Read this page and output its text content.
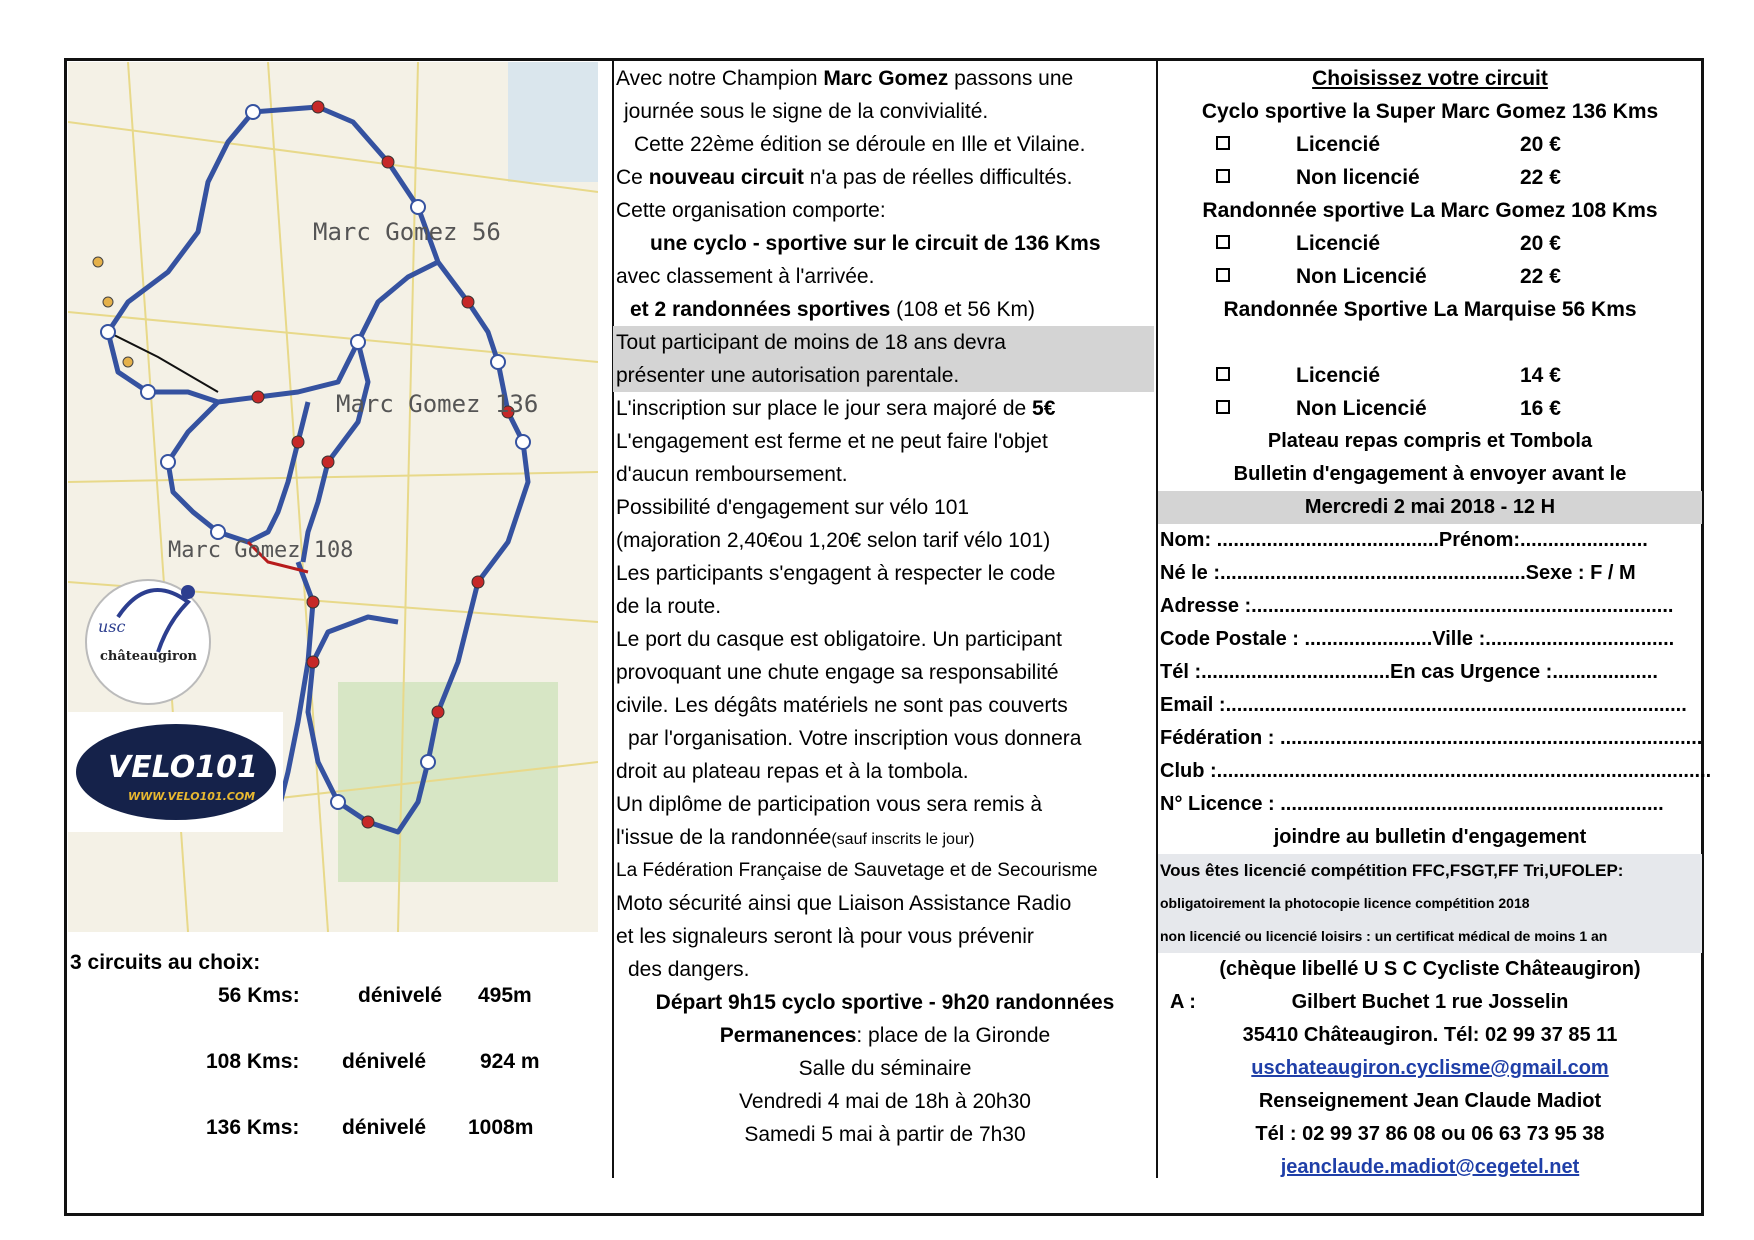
Marc Gomez 56
Marc Gomez 136
Marc Gomez 108
usc
châteaugiron
VELO101
WWW.VELO101.COM
3 circuits au choix:
56 Kms:	dénivelé 495m
108 Kms: dénivelé	924 m
136 Kms: dénivelé 1008m
Avec notre Champion Marc Gomez passons une
journée sous le signe de la convivialité.
Cette 22ème édition se déroule en Ille et Vilaine.
Ce nouveau circuit n'a pas de réelles difficultés.
Cette organisation comporte:
une cyclo - sportive sur le circuit de 136 Kms
avec classement à l'arrivée.
et 2 randonnées sportives (108 et 56 Km)
Tout participant de moins de 18 ans devra
présenter une autorisation parentale.
L'inscription sur place le jour sera majoré de 5€
L'engagement est ferme et ne peut faire l'objet
d'aucun remboursement.
Possibilité d'engagement sur vélo 101
(majoration 2,40€ou 1,20€ selon tarif vélo 101)
Les participants s'engagent à respecter le code
de la route.
Le port du casque est obligatoire. Un participant
provoquant une chute engage sa responsabilité
civile. Les dégâts matériels ne sont pas couverts
par l'organisation. Votre inscription vous donnera
droit au plateau repas et à la tombola.
Un diplôme de participation vous sera remis à
l'issue de la randonnée(sauf inscrits le jour)
La Fédération Française de Sauvetage et de Secourisme
Moto sécurité ainsi que Liaison Assistance Radio
et les signaleurs seront là pour vous prévenir
des dangers.
Départ 9h15 cyclo sportive - 9h20 randonnées
Permanences: place de la Gironde
Salle du séminaire
Vendredi 4 mai de 18h à 20h30
Samedi 5 mai à partir de 7h30
Choisissez votre circuit
Cyclo sportive la Super Marc Gomez 136 Kms
Licencié	20 €
Non licencié	22 €
Randonnée sportive La Marc Gomez 108 Kms
Licencié	20 €
Non Licencié	22 €
Randonnée Sportive La Marquise 56 Kms
Licencié	14 €
Non Licencié	16 €
Plateau repas compris et Tombola
Bulletin d'engagement à envoyer avant le
Mercredi 2 mai 2018 - 12 H
Nom: ........................................Prénom:.......................
Né le :.......................................................Sexe : F / M
Adresse :............................................................................
Code Postale : .......................Ville :..................................
Tél :..................................En cas Urgence :...................
Email :...................................................................................
Fédération : ............................................................................
Club :.........................................................................................
N° Licence : .....................................................................
joindre au bulletin d'engagement
Vous êtes licencié compétition FFC,FSGT,FF Tri,UFOLEP:
obligatoirement la photocopie licence compétition 2018
non licencié ou licencié loisirs : un certificat médical de moins 1 an
(chèque libellé U S C Cycliste Châteaugiron)
A :	Gilbert Buchet 1 rue Josselin
35410 Châteaugiron. Tél: 02 99 37 85 11
uschateaugiron.cyclisme@gmail.com
Renseignement Jean Claude Madiot
Tél : 02 99 37 86 08 ou 06 63 73 95 38
jeanclaude.madiot@cegetel.net
